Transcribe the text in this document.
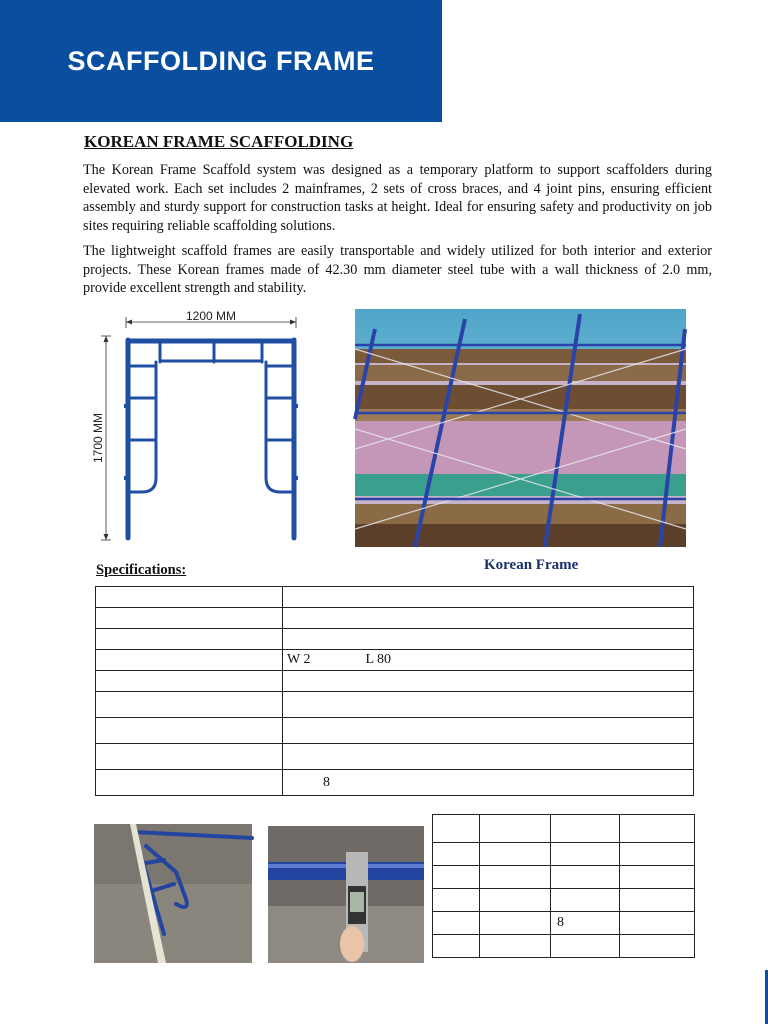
SCAFFOLDING FRAME
KOREAN FRAME SCAFFOLDING

The Korean Frame Scaffold system was designed as a temporary platform to support scaffolders during elevated work. Each set includes 2 mainframes, 2 sets of cross braces, and 4 joint pins, ensuring efficient assembly and sturdy support for construction tasks at height. Ideal for ensuring safety and productivity on job sites requiring reliable scaffolding solutions.

The lightweight scaffold frames are easily transportable and widely utilized for both interior and exterior projects. These Korean frames made of 42.30 mm diameter steel tube with a wall thickness of 2.0 mm, provide excellent strength and stability.

1200 MM
1700 MM
Korean Frame
Specifications:

	W 2 L 80

	8

		8	
